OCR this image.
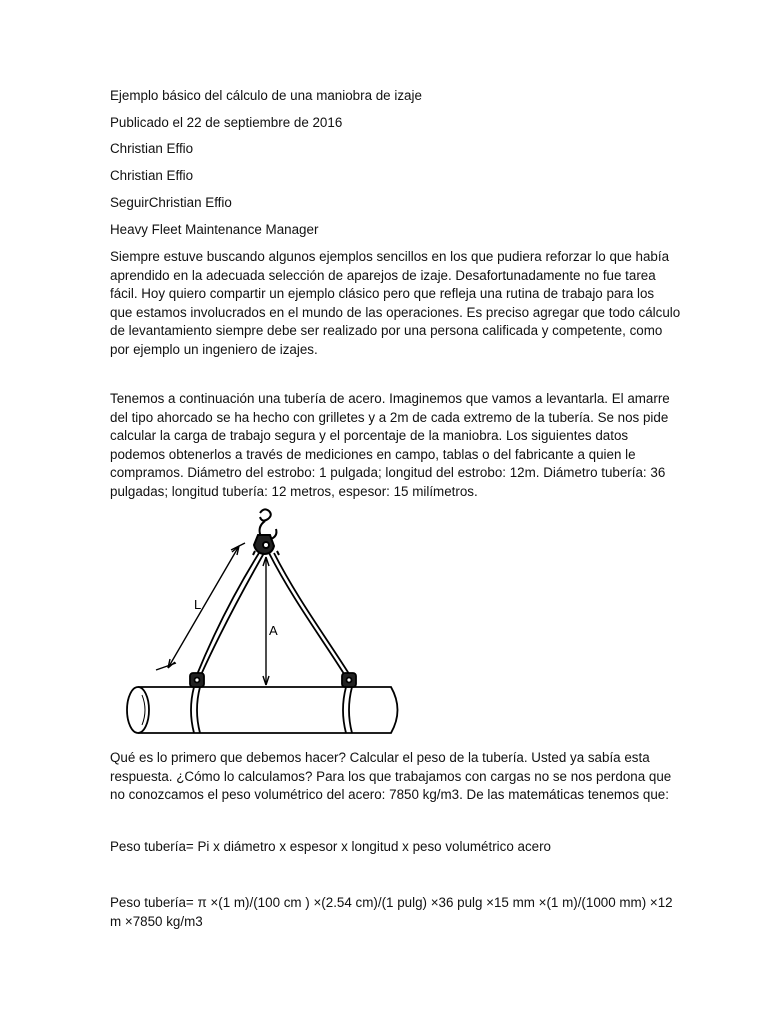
Ejemplo básico del cálculo de una maniobra de izaje
Publicado el 22 de septiembre de 2016
Christian Effio
Christian Effio
SeguirChristian Effio
Heavy Fleet Maintenance Manager
Siempre estuve buscando algunos ejemplos sencillos en los que pudiera reforzar lo que había
aprendido en la adecuada selección de aparejos de izaje. Desafortunadamente no fue tarea
fácil. Hoy quiero compartir un ejemplo clásico pero que refleja una rutina de trabajo para los
que estamos involucrados en el mundo de las operaciones. Es preciso agregar que todo cálculo
de levantamiento siempre debe ser realizado por una persona calificada y competente, como
por ejemplo un ingeniero de izajes.
Tenemos a continuación una tubería de acero. Imaginemos que vamos a levantarla. El amarre
del tipo ahorcado se ha hecho con grilletes y a 2m de cada extremo de la tubería. Se nos pide
calcular la carga de trabajo segura y el porcentaje de la maniobra. Los siguientes datos
podemos obtenerlos a través de mediciones en campo, tablas o del fabricante a quien le
compramos. Diámetro del estrobo: 1 pulgada; longitud del estrobo: 12m. Diámetro tubería: 36
pulgadas; longitud tubería: 12 metros, espesor: 15 milímetros.
L
A
Qué es lo primero que debemos hacer? Calcular el peso de la tubería. Usted ya sabía esta
respuesta. ¿Cómo lo calculamos? Para los que trabajamos con cargas no se nos perdona que
no conozcamos el peso volumétrico del acero: 7850 kg/m3. De las matemáticas tenemos que:
Peso tubería= Pi x diámetro x espesor x longitud x peso volumétrico acero
Peso tubería= π ×(1 m)/(100 cm ) ×(2.54 cm)/(1 pulg) ×36 pulg ×15 mm ×(1 m)/(1000 mm) ×12
m ×7850 kg/m3
